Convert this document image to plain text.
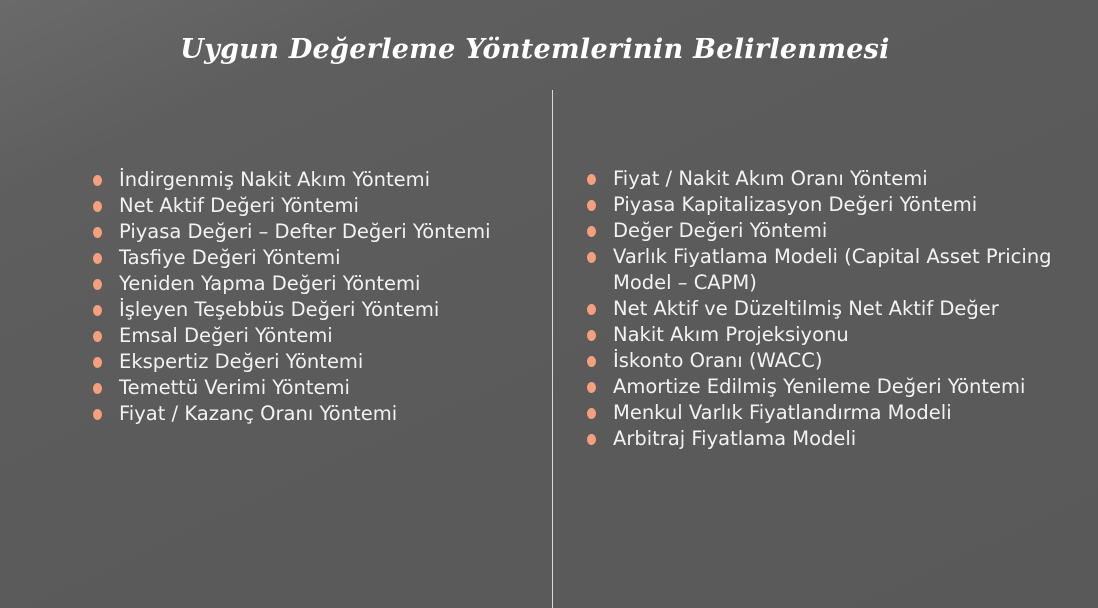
Uygun Değerleme Yöntemlerinin Belirlenmesi
İndirgenmiş Nakit Akım Yöntemi
Net Aktif Değeri Yöntemi
Piyasa Değeri – Defter Değeri Yöntemi
Tasfiye Değeri Yöntemi
Yeniden Yapma Değeri Yöntemi
İşleyen Teşebbüs Değeri Yöntemi
Emsal Değeri Yöntemi
Ekspertiz Değeri Yöntemi
Temettü Verimi Yöntemi
Fiyat / Kazanç Oranı Yöntemi
Fiyat / Nakit Akım Oranı Yöntemi
Piyasa Kapitalizasyon Değeri Yöntemi
Değer Değeri Yöntemi
Varlık Fiyatlama Modeli (Capital Asset Pricing Model – CAPM)
Net Aktif ve Düzeltilmiş Net Aktif Değer
Nakit Akım Projeksiyonu
İskonto Oranı (WACC)
Amortize Edilmiş Yenileme Değeri Yöntemi
Menkul Varlık Fiyatlandırma Modeli
Arbitraj Fiyatlama Modeli
